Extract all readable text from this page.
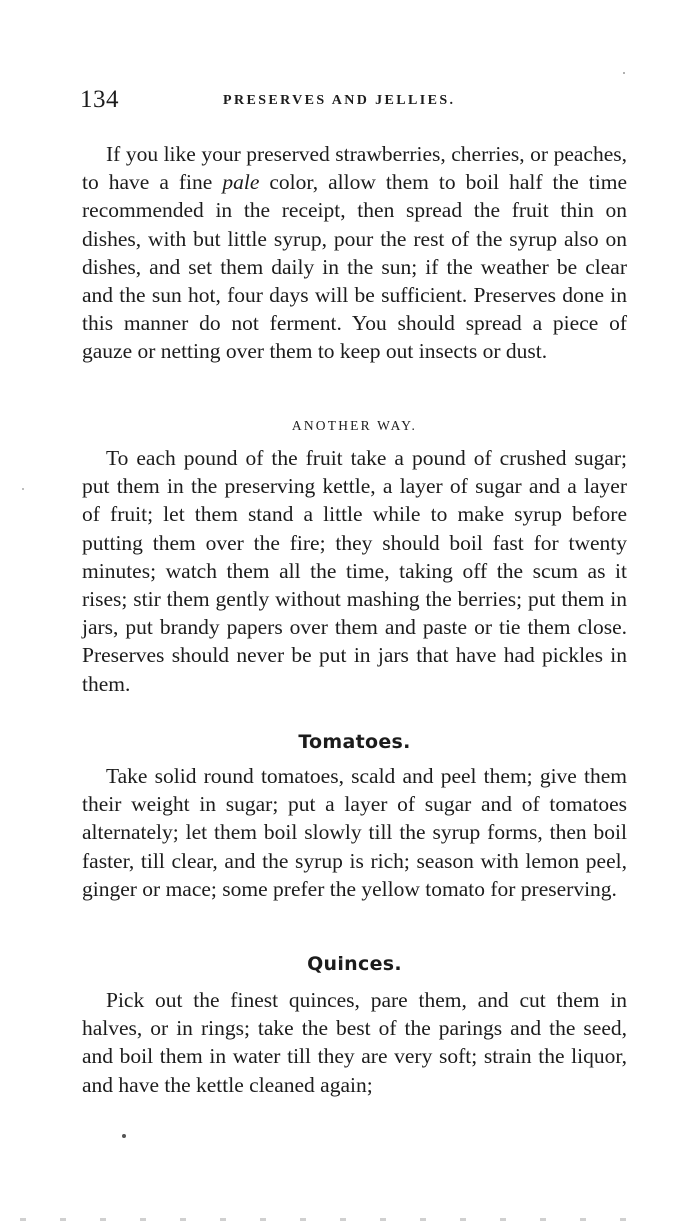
134	PRESERVES AND JELLIES.

If you like your preserved strawberries, cherries, or peaches, to have a fine pale color, allow them to boil half the time recommended in the receipt, then spread the fruit thin on dishes, with but little syrup, pour the rest of the syrup also on dishes, and set them daily in the sun; if the weather be clear and the sun hot, four days will be sufficient. Preserves done in this manner do not ferment. You should spread a piece of gauze or netting over them to keep out insects or dust.

ANOTHER WAY.

To each pound of the fruit take a pound of crushed sugar; put them in the preserving kettle, a layer of sugar and a layer of fruit; let them stand a little while to make syrup before putting them over the fire; they should boil fast for twenty minutes; watch them all the time, taking off the scum as it rises; stir them gently without mashing the berries; put them in jars, put brandy papers over them and paste or tie them close. Preserves should never be put in jars that have had pickles in them.

Tomatoes.

Take solid round tomatoes, scald and peel them; give them their weight in sugar; put a layer of sugar and of tomatoes alternately; let them boil slowly till the syrup forms, then boil faster, till clear, and the syrup is rich; season with lemon peel, ginger or mace; some prefer the yellow tomato for preserving.

Quinces.

Pick out the finest quinces, pare them, and cut them in halves, or in rings; take the best of the parings and the seed, and boil them in water till they are very soft; strain the liquor, and have the kettle cleaned again;
